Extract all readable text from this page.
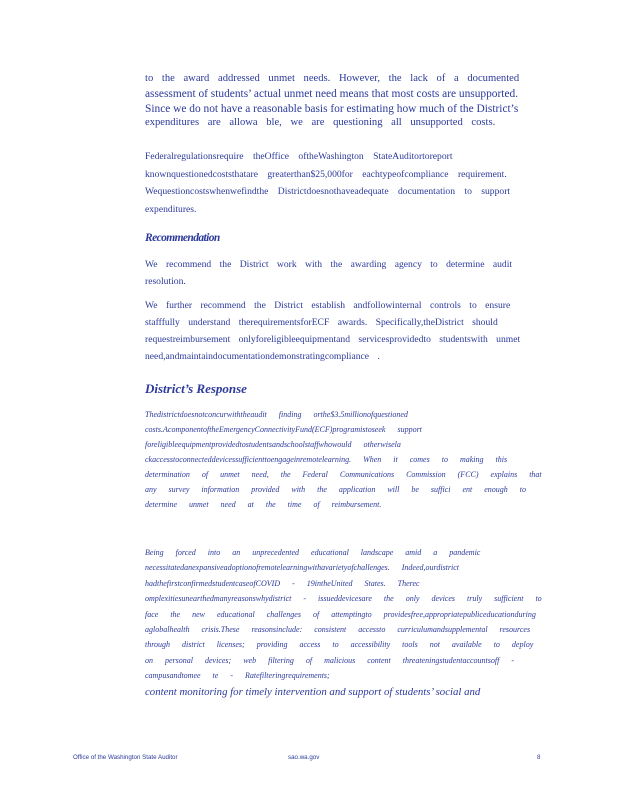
to the award addressed unmet needs. However, the lack of a documented

assessment of students’ actual unmet need means that most costs are unsupported. Since we do not have a reasonable basis for estimating how much of the District’s

expenditures are allowa ble, we are questioning all unsupported costs.

Federalregulationsrequire theOffice oftheWashington StateAuditortoreport knownquestionedcoststhatare greaterthan$25,000for eachtypeofcompliance requirement. Wequestioncostswhenwefindthe Districtdoesnothaveadequate documentation to support expenditures.

Recommendation

We recommend the District work with the awarding agency to determine audit resolution.

We further recommend the District establish andfollowinternal controls to ensure stafffully understand therequirementsforECF awards. Specifically,theDistrict should requestreimbursement onlyforeligibleequipmentand servicesprovidedto studentswith unmet need,andmaintaindocumentationdemonstratingcompliance .

District’s Response

Thedistrictdoesnotconcurwiththeaudit finding orthe$3.5millionofquestioned costs.AcomponentoftheEmergencyConnectivityFund(ECF)programistoseek support foreligibleequipmentprovidedtostudentsandschoolstaffwhowould otherwisela ckaccesstoconnecteddevicessufficienttoengageinremotelearning. When it comes to making this determination of unmet need, the Federal Communications Commission (FCC) explains that any survey information provided with the application will be suffici ent enough to determine unmet need at the time of reimbursement.

Being forced into an unprecedented educational landscape amid a pandemic necessitatedanexpansiveadoptionofremotelearningwithavarietyofchallenges. Indeed,ourdistrict hadthefirstconfirmedstudentcaseofCOVID - 19intheUnited States. Therec omplexitiesunearthedmanyreasonswhydistrict - issueddevicesare the only devices truly sufficient to face the new educational challenges of attemptingto providesfree,appropriatepubliceducationduring aglobalhealth crisis.These reasonsinclude: consistent accessto curriculumandsupplemental resources through district licenses; providing access to accessibility tools not available to deploy on personal devices; web filtering of malicious content threateningstudentaccountsoff - campusandtomee te - Ratefilteringrequirements;

content monitoring for timely intervention and support of students’ social and

Office of the Washington State Auditor	sao.wa.gov	8
